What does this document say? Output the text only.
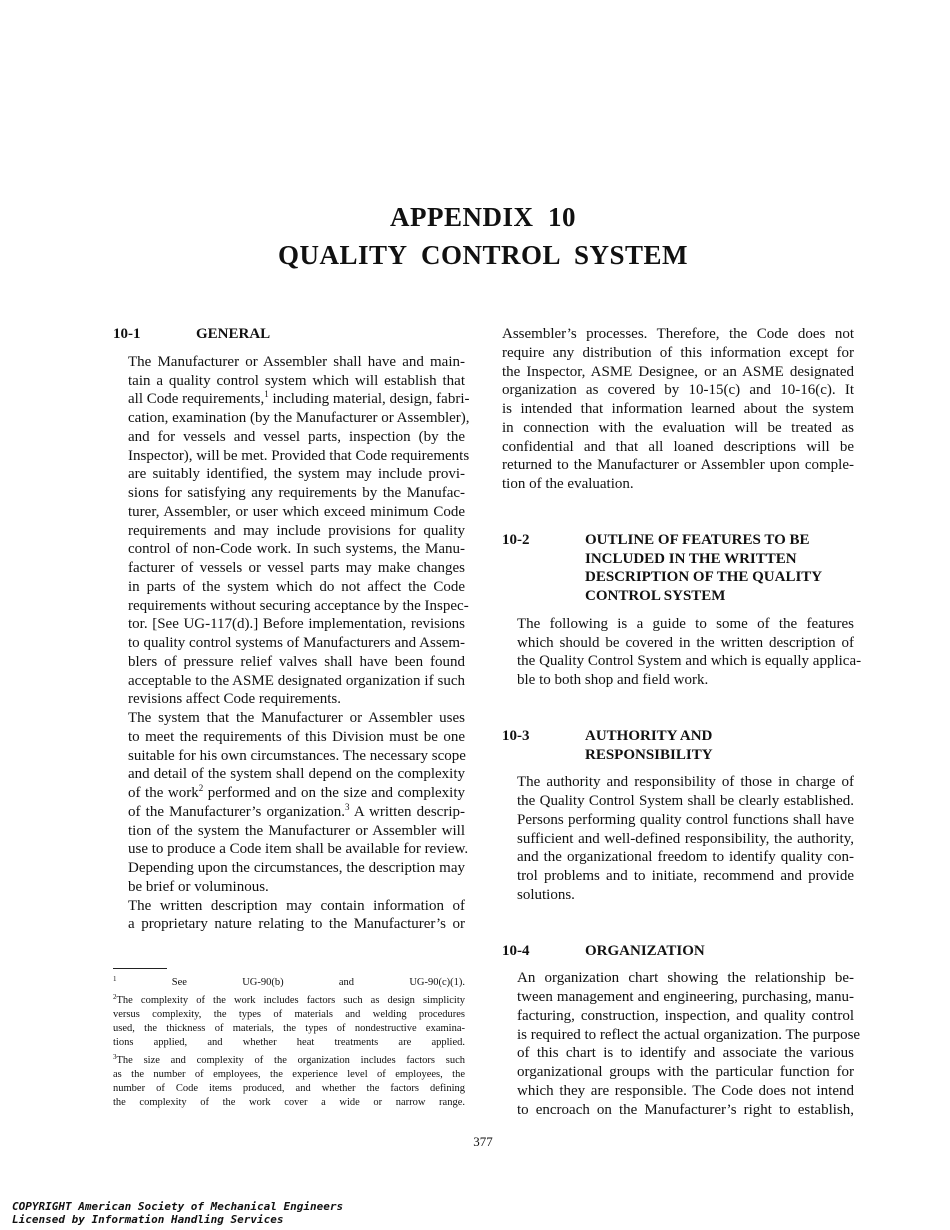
APPENDIX  10
QUALITY  CONTROL  SYSTEM
10-1	GENERAL
The Manufacturer or Assembler shall have and main-
tain a quality control system which will establish that
all Code requirements,$^1$ including material, design, fabri-
cation, examination (by the Manufacturer or Assembler),
and for vessels and vessel parts, inspection (by the
Inspector), will be met. Provided that Code requirements
are suitably identified, the system may include provi-
sions for satisfying any requirements by the Manufac-
turer, Assembler, or user which exceed minimum Code
requirements and may include provisions for quality
control of non-Code work. In such systems, the Manu-
facturer of vessels or vessel parts may make changes
in parts of the system which do not affect the Code
requirements without securing acceptance by the Inspec-
tor. [See UG-117(d).] Before implementation, revisions
to quality control systems of Manufacturers and Assem-
blers of pressure relief valves shall have been found
acceptable to the ASME designated organization if such
revisions affect Code requirements.
The system that the Manufacturer or Assembler uses
to meet the requirements of this Division must be one
suitable for his own circumstances. The necessary scope
and detail of the system shall depend on the complexity
of the work$^2$ performed and on the size and complexity
of the Manufacturer’s organization.$^3$ A written descrip-
tion of the system the Manufacturer or Assembler will
use to produce a Code item shall be available for review.
Depending upon the circumstances, the description may
be brief or voluminous.
The written description may contain information of
a proprietary nature relating to the Manufacturer’s or
$^1$	See UG-90(b) and UG-90(c)(1).
$^2$The complexity of the work includes factors such as design simplicity
versus complexity, the types of materials and welding procedures
used, the thickness of materials, the types of nondestructive examina-
tions applied, and whether heat treatments are applied.
$^3$The size and complexity of the organization includes factors such
as the number of employees, the experience level of employees, the
number of Code items produced, and whether the factors defining
the complexity of the work cover a wide or narrow range.
Assembler’s processes. Therefore, the Code does not
require any distribution of this information except for
the Inspector, ASME Designee, or an ASME designated
organization as covered by 10-15(c) and 10-16(c). It
is intended that information learned about the system
in connection with the evaluation will be treated as
confidential and that all loaned descriptions will be
returned to the Manufacturer or Assembler upon comple-
tion of the evaluation.
10-2	OUTLINE OF FEATURES TO BE
INCLUDED IN THE WRITTEN
DESCRIPTION OF THE QUALITY
CONTROL SYSTEM
The following is a guide to some of the features
which should be covered in the written description of
the Quality Control System and which is equally applica-
ble to both shop and field work.
10-3	AUTHORITY AND
RESPONSIBILITY
The authority and responsibility of those in charge of
the Quality Control System shall be clearly established.
Persons performing quality control functions shall have
sufficient and well-defined responsibility, the authority,
and the organizational freedom to identify quality con-
trol problems and to initiate, recommend and provide
solutions.
10-4	ORGANIZATION
An organization chart showing the relationship be-
tween management and engineering, purchasing, manu-
facturing, construction, inspection, and quality control
is required to reflect the actual organization. The purpose
of this chart is to identify and associate the various
organizational groups with the particular function for
which they are responsible. The Code does not intend
to encroach on the Manufacturer’s right to establish,
377
COPYRIGHT American Society of Mechanical Engineers
Licensed by Information Handling Services
